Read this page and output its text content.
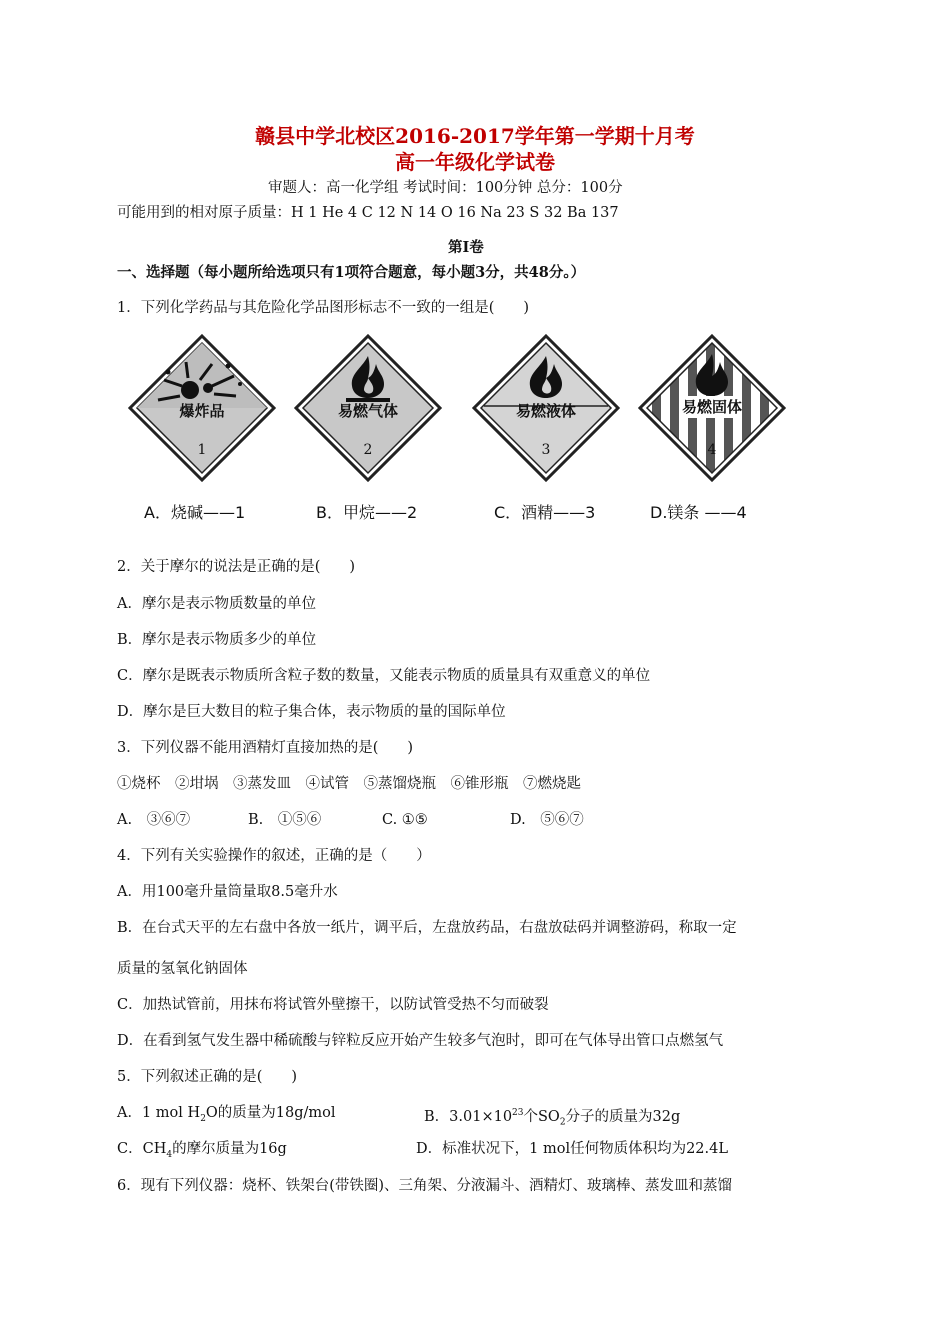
赣县中学北校区2016-2017学年第一学期十月考
高一年级化学试卷
审题人：高一化学组 考试时间：100分钟 总分：100分
可能用到的相对原子质量：H 1 He 4 C 12 N 14 O 16 Na 23 S 32 Ba 137
第Ⅰ卷
一、选择题（每小题所给选项只有1项符合题意，每小题3分，共48分。）
1．下列化学药品与其危险化学品图形标志不一致的一组是(　　)
爆炸品
1
易燃气体
2
易燃液体
3
易燃固体
4
A．烧碱——1	B．甲烷——2	C．酒精——3	D.镁条 ——4
2．关于摩尔的说法是正确的是(　　)
A．摩尔是表示物质数量的单位
B．摩尔是表示物质多少的单位
C．摩尔是既表示物质所含粒子数的数量，又能表示物质的质量具有双重意义的单位
D．摩尔是巨大数目的粒子集合体，表示物质的量的国际单位
3．下列仪器不能用酒精灯直接加热的是(　　)
①烧杯　②坩埚　③蒸发皿　④试管　⑤蒸馏烧瓶　⑥锥形瓶　⑦燃烧匙
A.　③⑥⑦	B.　①⑤⑥	C. ①⑤	D.　⑤⑥⑦
4．下列有关实验操作的叙述，正确的是（　　）
A．用100毫升量筒量取8.5毫升水
B．在台式天平的左右盘中各放一纸片，调平后，左盘放药品，右盘放砝码并调整游码，称取一定
质量的氢氧化钠固体
C．加热试管前，用抹布将试管外壁擦干，以防试管受热不匀而破裂
D．在看到氢气发生器中稀硫酸与锌粒反应开始产生较多气泡时，即可在气体导出管口点燃氢气
5．下列叙述正确的是(　　)
A．1 mol $H_2O$的质量为18g/mol	B．$3.01\times 10^{23}$个$SO_2$分子的质量为32g
C．$CH_4$的摩尔质量为16g	D．标准状况下，1 mol任何物质体积均为22.4L
6．现有下列仪器：烧杯、铁架台(带铁圈)、三角架、分液漏斗、酒精灯、玻璃棒、蒸发皿和蒸馏
